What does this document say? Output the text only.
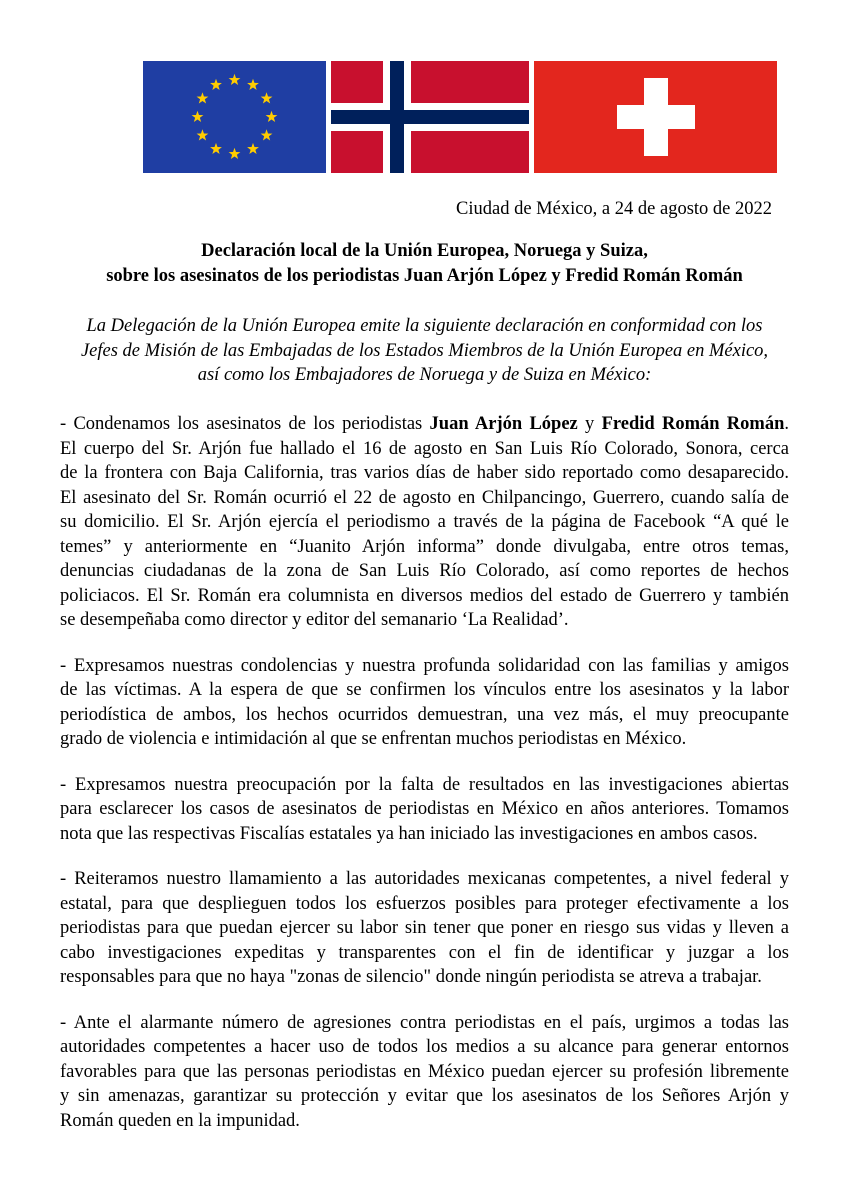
Ciudad de México, a 24 de agosto de 2022
Declaración local de la Unión Europea, Noruega y Suiza,
sobre los asesinatos de los periodistas Juan Arjón López y Fredid Román Román
La Delegación de la Unión Europea emite la siguiente declaración en conformidad con los
Jefes de Misión de las Embajadas de los Estados Miembros de la Unión Europea en México,
así como los Embajadores de Noruega y de Suiza en México:

- Condenamos los asesinatos de los periodistas Juan Arjón López y Fredid Román Román.
El cuerpo del Sr. Arjón fue hallado el 16 de agosto en San Luis Río Colorado, Sonora, cerca
de la frontera con Baja California, tras varios días de haber sido reportado como desaparecido.
El asesinato del Sr. Román ocurrió el 22 de agosto en Chilpancingo, Guerrero, cuando salía de
su domicilio. El Sr. Arjón ejercía el periodismo a través de la página de Facebook “A qué le
temes” y anteriormente en “Juanito Arjón informa” donde divulgaba, entre otros temas,
denuncias ciudadanas de la zona de San Luis Río Colorado, así como reportes de hechos
policiacos. El Sr. Román era columnista en diversos medios del estado de Guerrero y también
se desempeñaba como director y editor del semanario ‘La Realidad’.

- Expresamos nuestras condolencias y nuestra profunda solidaridad con las familias y amigos
de las víctimas. A la espera de que se confirmen los vínculos entre los asesinatos y la labor
periodística de ambos, los hechos ocurridos demuestran, una vez más, el muy preocupante
grado de violencia e intimidación al que se enfrentan muchos periodistas en México.

- Expresamos nuestra preocupación por la falta de resultados en las investigaciones abiertas
para esclarecer los casos de asesinatos de periodistas en México en años anteriores. Tomamos
nota que las respectivas Fiscalías estatales ya han iniciado las investigaciones en ambos casos.

- Reiteramos nuestro llamamiento a las autoridades mexicanas competentes, a nivel federal y
estatal, para que desplieguen todos los esfuerzos posibles para proteger efectivamente a los
periodistas para que puedan ejercer su labor sin tener que poner en riesgo sus vidas y lleven a
cabo investigaciones expeditas y transparentes con el fin de identificar y juzgar a los
responsables para que no haya "zonas de silencio" donde ningún periodista se atreva a trabajar.

- Ante el alarmante número de agresiones contra periodistas en el país, urgimos a todas las
autoridades competentes a hacer uso de todos los medios a su alcance para generar entornos
favorables para que las personas periodistas en México puedan ejercer su profesión libremente
y sin amenazas, garantizar su protección y evitar que los asesinatos de los Señores Arjón y
Román queden en la impunidad.
